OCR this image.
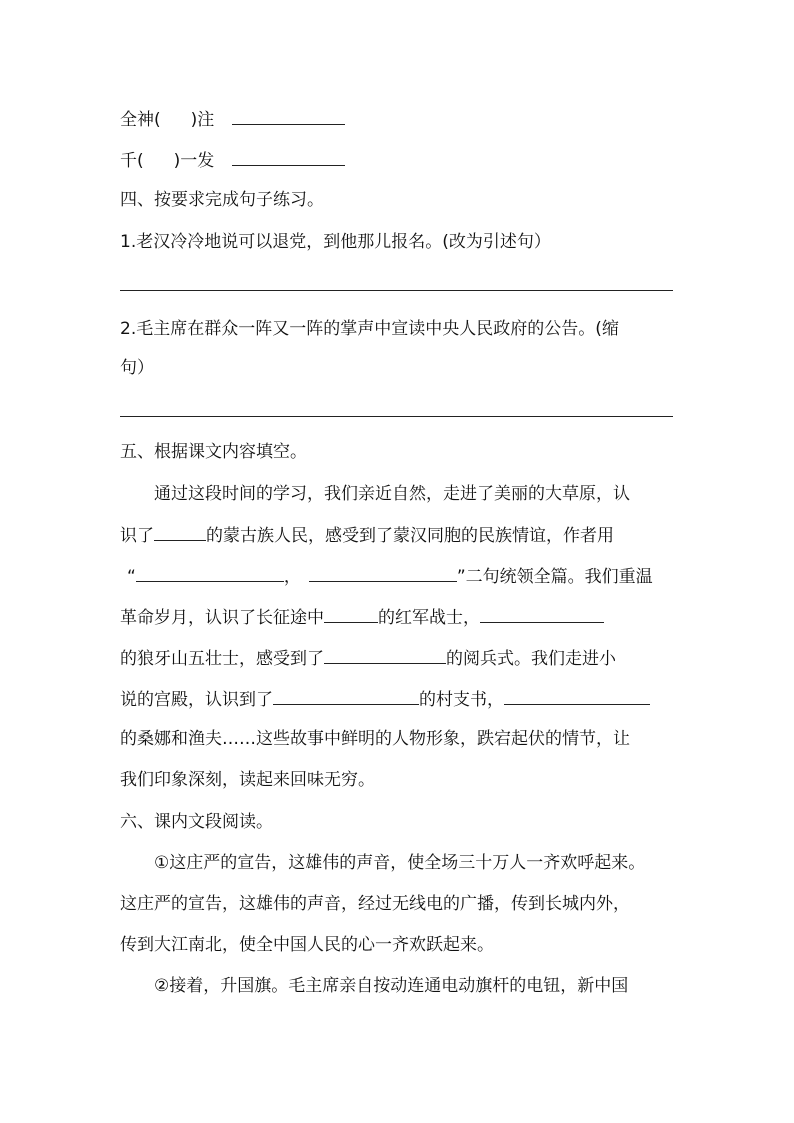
全神( )注
千( )一发
四、按要求完成句子练习。
1.老汉冷冷地说可以退党，到他那儿报名。(改为引述句）
2.毛主席在群众一阵又一阵的掌声中宣读中央人民政府的公告。(缩
句）
五、根据课文内容填空。
通过这段时间的学习，我们亲近自然，走进了美丽的大草原，认
识了	的蒙古族人民，感受到了蒙汉同胞的民族情谊，作者用
“	，	”二句统领全篇。我们重温
革命岁月，认识了长征途中	的红军战士，
的狼牙山五壮士，感受到了	的阅兵式。我们走进小
说的宫殿，认识到了	的村支书，
的桑娜和渔夫……这些故事中鲜明的人物形象，跌宕起伏的情节，让
我们印象深刻，读起来回味无穷。
六、课内文段阅读。
①这庄严的宣告，这雄伟的声音，使全场三十万人一齐欢呼起来。
这庄严的宣告，这雄伟的声音，经过无线电的广播，传到长城内外，
传到大江南北，使全中国人民的心一齐欢跃起来。
②接着，升国旗。毛主席亲自按动连通电动旗杆的电钮，新中国
